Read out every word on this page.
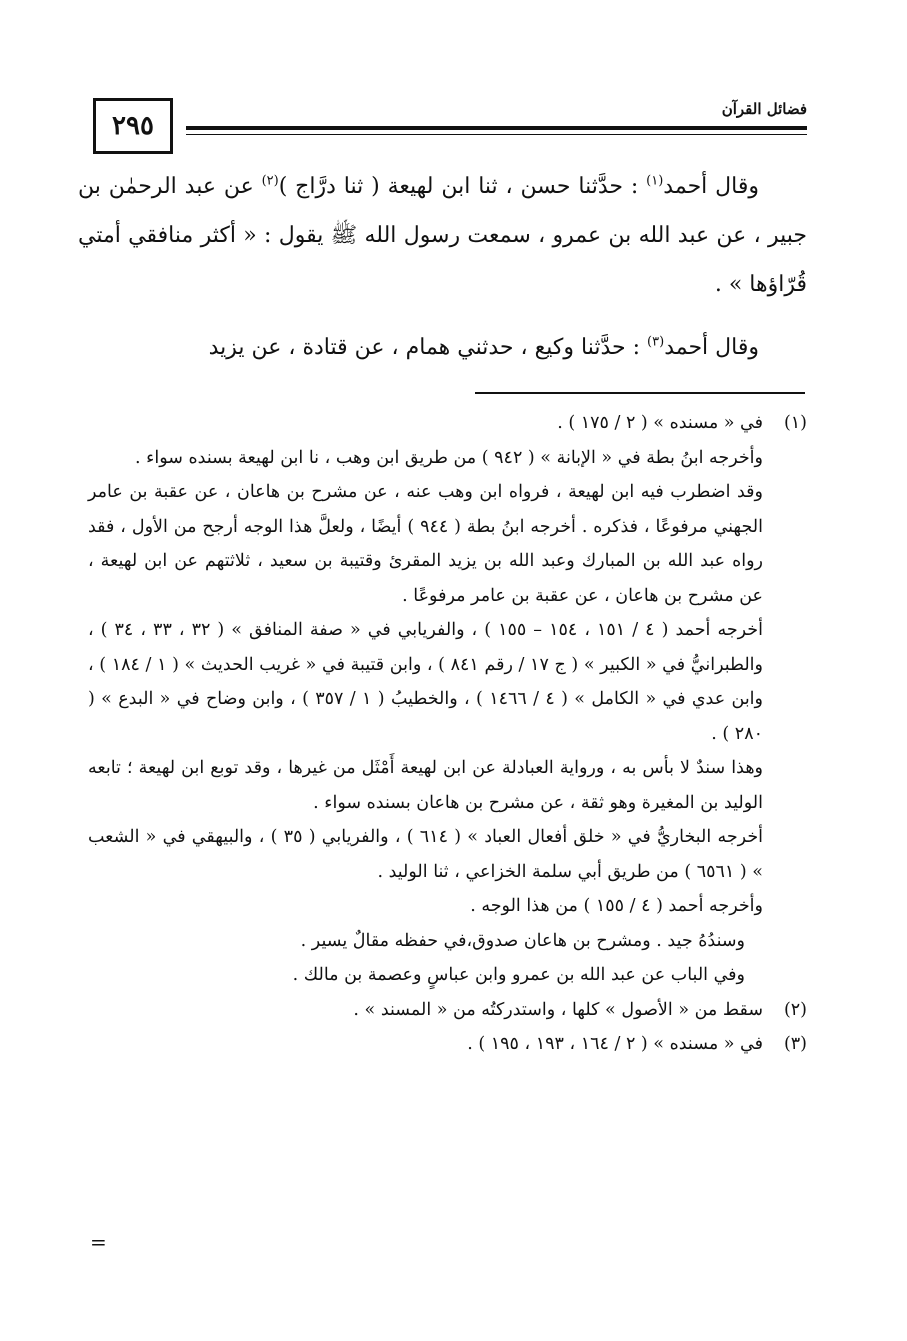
٢٩٥
فضائل القرآن

وقال أحمد$^{(١)}$ : حدَّثنا حسن ، ثنا ابن لهيعة ( ثنا درَّاج )$^{(٢)}$ عن عبد الرحمٰن بن جبير ، عن عبد الله بن عمرو ، سمعت رسول الله ﷺ يقول : « أكثر منافقي أمتي قُرّاؤها » .

وقال أحمد$^{(٣)}$ : حدَّثنا وكيع ، حدثني همام ، عن قتادة ، عن يزيد

(١)

في « مسنده » ( ٢ / ١٧٥ ) .

وأخرجه ابنُ بطة في « الإبانة » ( ٩٤٢ ) من طريق ابن وهب ، نا ابن لهيعة بسنده سواء .

وقد اضطرب فيه ابن لهيعة ، فرواه ابن وهب عنه ، عن مشرح بن هاعان ، عن عقبة بن عامر الجهني مرفوعًا ، فذكره . أخرجه ابنُ بطة ( ٩٤٤ ) أيضًا ، ولعلَّ هذا الوجه أرجح من الأول ، فقد رواه عبد الله بن المبارك وعبد الله بن يزيد المقرئ وقتيبة بن سعيد ، ثلاثتهم عن ابن لهيعة ، عن مشرح بن هاعان ، عن عقبة بن عامر مرفوعًا .

أخرجه أحمد ( ٤ / ١٥١ ، ١٥٤ – ١٥٥ ) ، والفريابي في « صفة المنافق » ( ٣٢ ، ٣٣ ، ٣٤ ) ، والطبرانيُّ في « الكبير » ( ج ١٧ / رقم ٨٤١ ) ، وابن قتيبة في « غريب الحديث » ( ١ / ١٨٤ ) ، وابن عدي في « الكامل » ( ٤ / ١٤٦٦ ) ، والخطيبُ ( ١ / ٣٥٧ ) ، وابن وضاح في « البدع » ( ٢٨٠ ) .

وهذا سندٌ لا بأس به ، ورواية العبادلة عن ابن لهيعة أَمْثَل من غيرها ، وقد توبع ابن لهيعة ؛ تابعه الوليد بن المغيرة وهو ثقة ، عن مشرح بن هاعان بسنده سواء .

أخرجه البخاريُّ في « خلق أفعال العباد » ( ٦١٤ ) ، والفريابي ( ٣٥ ) ، والبيهقي في « الشعب » ( ٦٥٦١ ) من طريق أبي سلمة الخزاعي ، ثنا الوليد .

وأخرجه أحمد ( ٤ / ١٥٥ ) من هذا الوجه .

وسندُهُ جيد . ومشرح بن هاعان صدوق،في حفظه مقالٌ يسير .

وفي الباب عن عبد الله بن عمرو وابن عباسٍ وعصمة بن مالك .

(٢)

سقط من « الأصول » كلها ، واستدركتُه من « المسند » .

(٣)

في « مسنده » ( ٢ / ١٦٤ ، ١٩٣ ، ١٩٥ ) .

=
